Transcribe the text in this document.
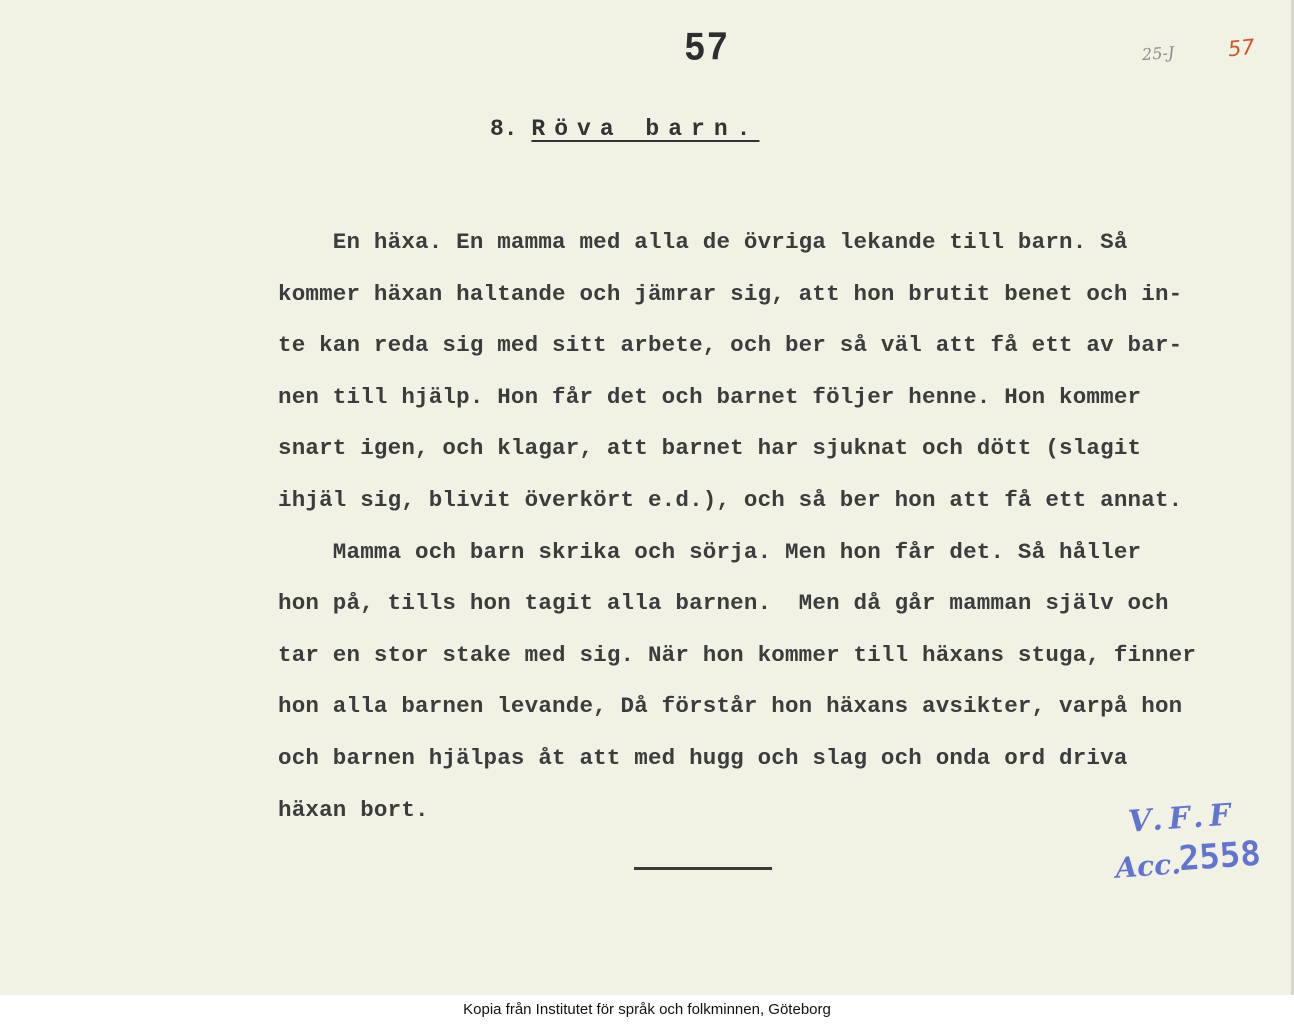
57	25-J 57
8. Röva barn.
En häxa. En mamma med alla de övriga lekande till barn. Så
kommer häxan haltande och jämrar sig, att hon brutit benet och in-
te kan reda sig med sitt arbete, och ber så väl att få ett av bar-
nen till hjälp. Hon får det och barnet följer henne. Hon kommer
snart igen, och klagar, att barnet har sjuknat och dött (slagit
ihjäl sig, blivit överkört e.d.), och så ber hon att få ett annat.
Mamma och barn skrika och sörja. Men hon får det. Så håller
hon på, tills hon tagit alla barnen.  Men då går mamman själv och
tar en stor stake med sig. När hon kommer till häxans stuga, finner
hon alla barnen levande, Då förstår hon häxans avsikter, varpå hon
och barnen hjälpas åt att med hugg och slag och onda ord driva
häxan bort.	V.F.F
Acc.
2558
Kopia från Institutet för språk och folkminnen, Göteborg
